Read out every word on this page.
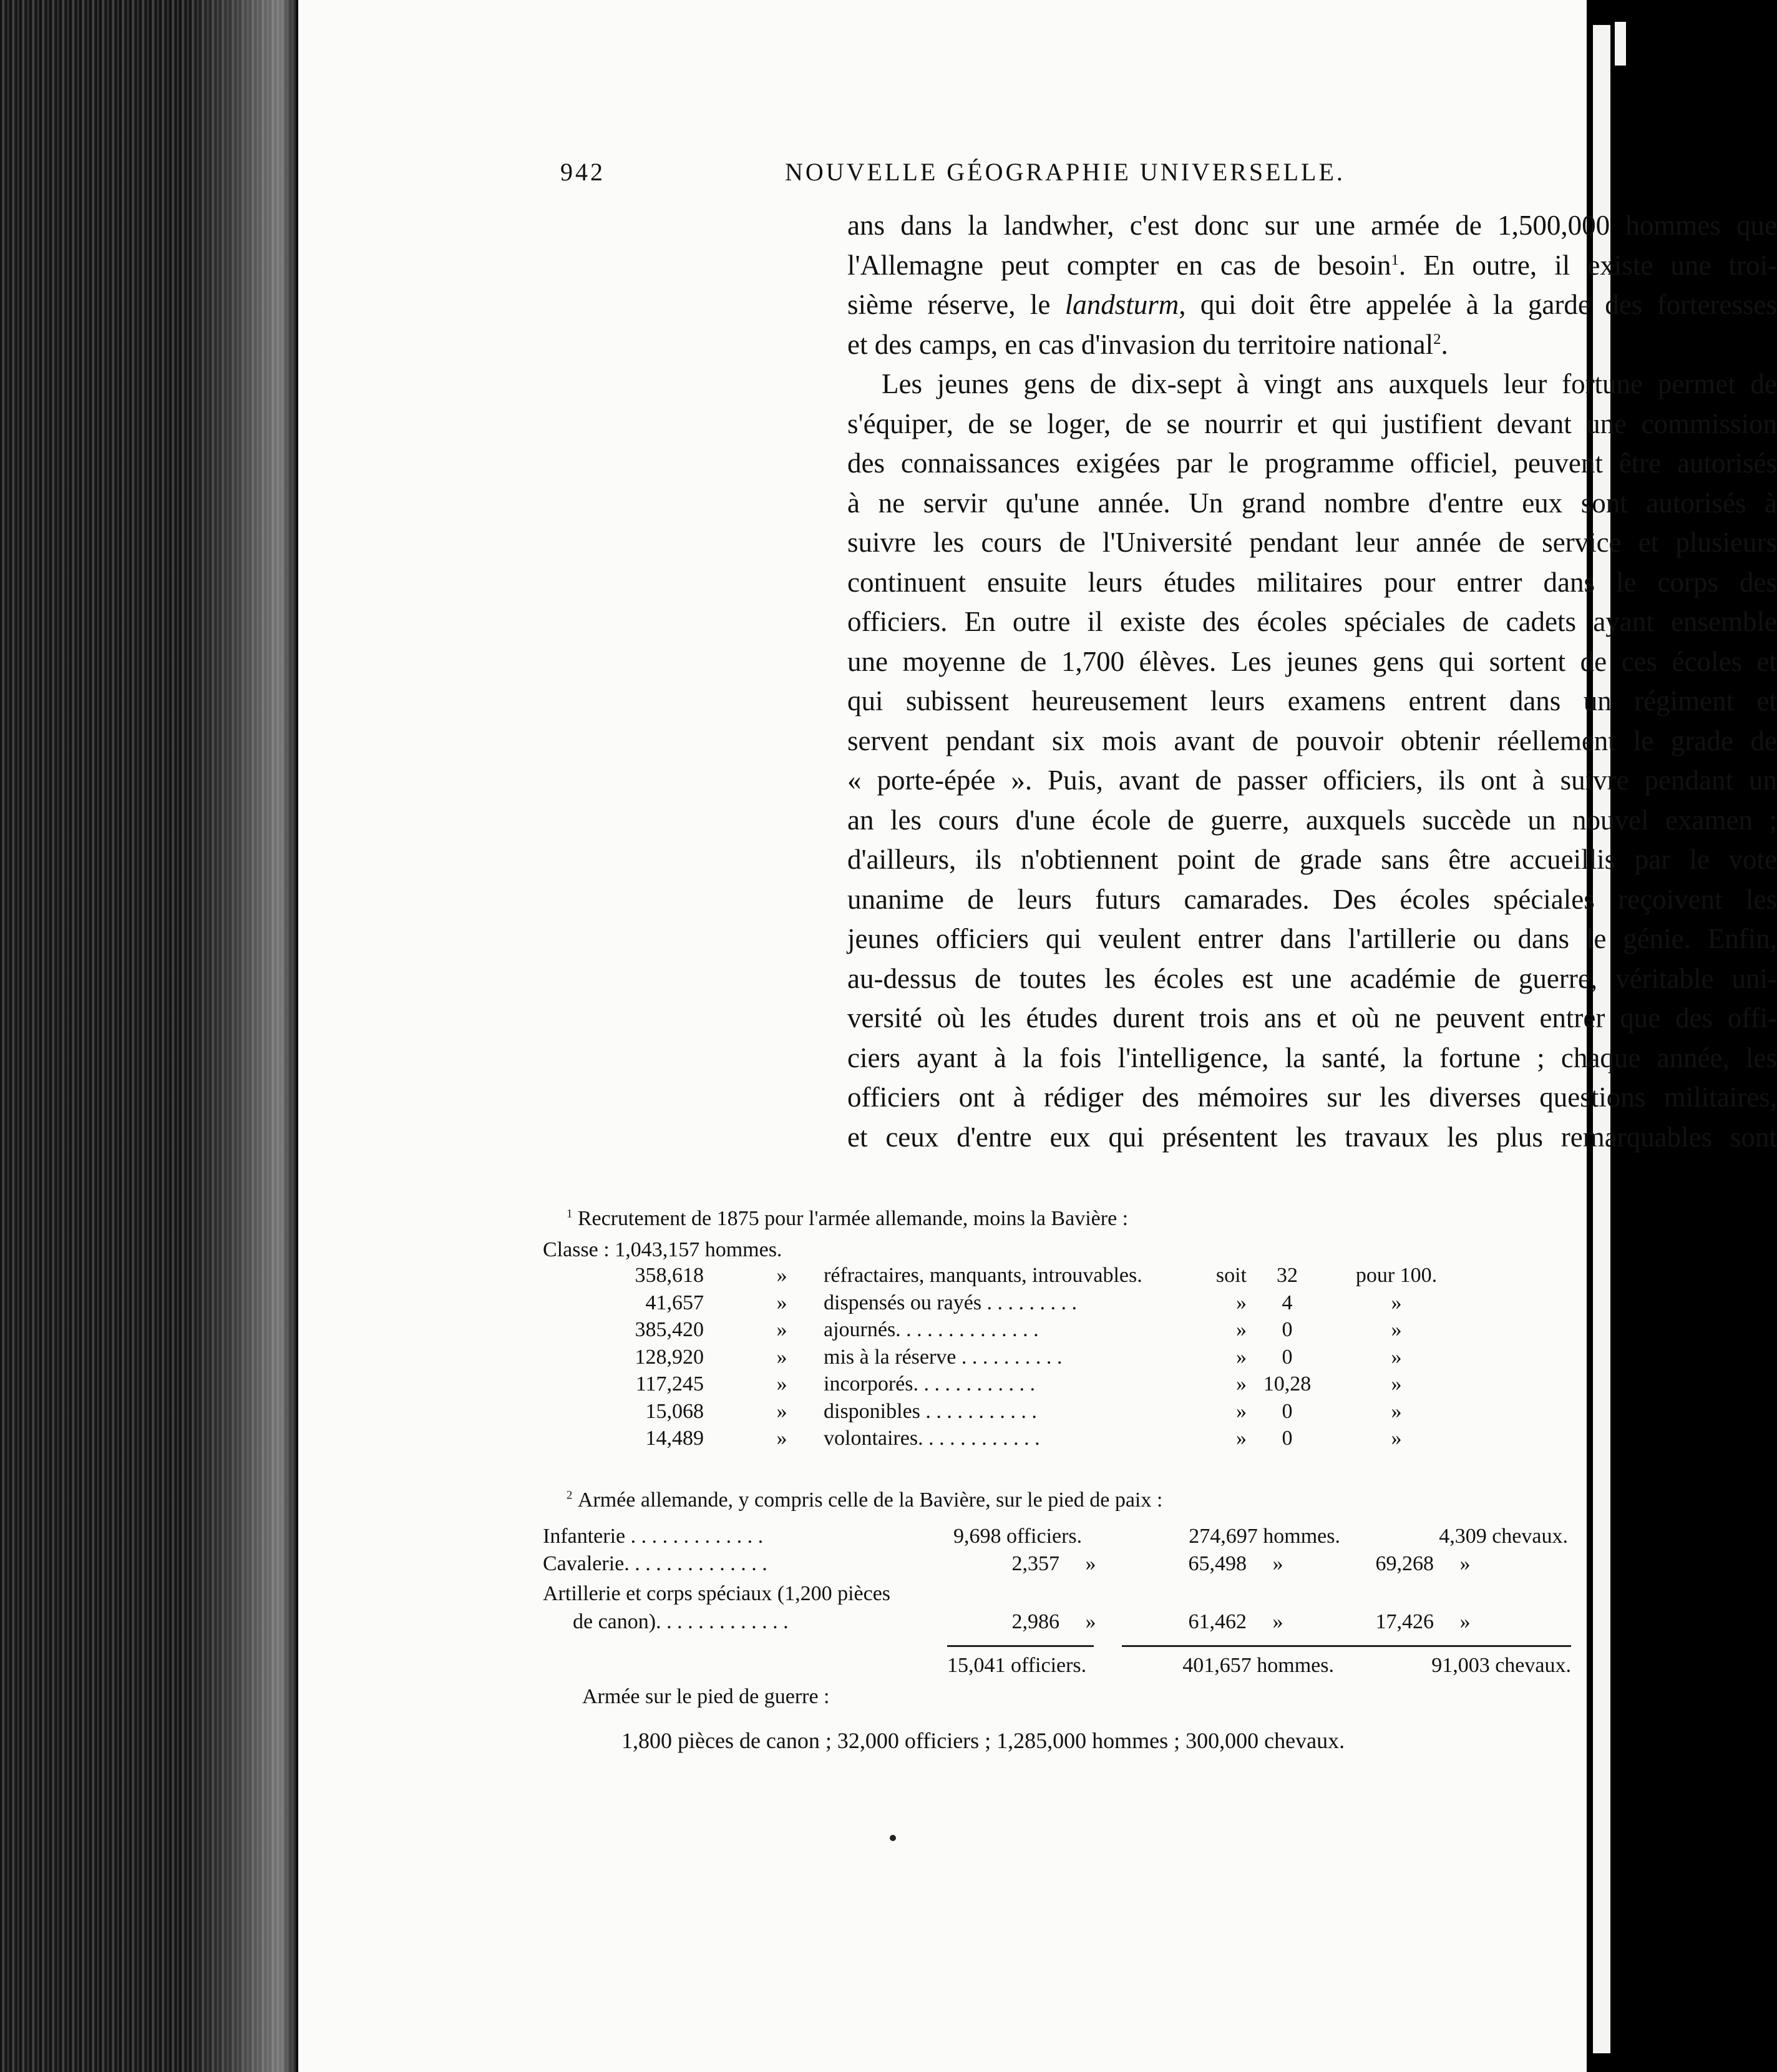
942	NOUVELLE GÉOGRAPHIE UNIVERSELLE.
ans dans la landwher, c'est donc sur une armée de 1,500,000 hommes que
l'Allemagne peut compter en cas de besoin$^1$. En outre, il existe une troi-
sième réserve, le landsturm, qui doit être appelée à la garde des forteresses
et des camps, en cas d'invasion du territoire national$^2$.
Les jeunes gens de dix-sept à vingt ans auxquels leur fortune permet de
s'équiper, de se loger, de se nourrir et qui justifient devant une commission
des connaissances exigées par le programme officiel, peuvent être autorisés
à ne servir qu'une année. Un grand nombre d'entre eux sont autorisés à
suivre les cours de l'Université pendant leur année de service et plusieurs
continuent ensuite leurs études militaires pour entrer dans le corps des
officiers. En outre il existe des écoles spéciales de cadets ayant ensemble
une moyenne de 1,700 élèves. Les jeunes gens qui sortent de ces écoles et
qui subissent heureusement leurs examens entrent dans un régiment et
servent pendant six mois avant de pouvoir obtenir réellement le grade de
« porte-épée ». Puis, avant de passer officiers, ils ont à suivre pendant un
an les cours d'une école de guerre, auxquels succède un nouvel examen ;
d'ailleurs, ils n'obtiennent point de grade sans être accueillis par le vote
unanime de leurs futurs camarades. Des écoles spéciales reçoivent les
jeunes officiers qui veulent entrer dans l'artillerie ou dans le génie. Enfin,
au-dessus de toutes les écoles est une académie de guerre, véritable uni-
versité où les études durent trois ans et où ne peuvent entrer que des offi-
ciers ayant à la fois l'intelligence, la santé, la fortune ; chaque année, les
officiers ont à rédiger des mémoires sur les diverses questions militaires,
et ceux d'entre eux qui présentent les travaux les plus remarquables sont
$^1$ Recrutement de 1875 pour l'armée allemande, moins la Bavière :
Classe : 1,043,157 hommes.
358,618	»	réfractaires, manquants, introuvables.	soit	32	pour 100.
41,657	»	dispensés ou rayés . . . . . . . . .	»	4	»
385,420	»	ajournés. . . . . . . . . . . . . .	»	0	»
128,920	»	mis à la réserve . . . . . . . . . .	»	0	»
117,245	»	incorporés. . . . . . . . . . . .	» 10,28	»
15,068	»	disponibles . . . . . . . . . . .	»	0	»
14,489	»	volontaires. . . . . . . . . . . .	»	0	»
$^2$ Armée allemande, y compris celle de la Bavière, sur le pied de paix :
Infanterie . . . . . . . . . . . . .	9,698 officiers.	274,697 hommes.	4,309 chevaux.
Cavalerie. . . . . . . . . . . . . .	2,357	»	65,498	»	69,268	»
Artillerie et corps spéciaux (1,200 pièces
de canon). . . . . . . . . . . . .	2,986	»	61,462	»	17,426	»
15,041 officiers.	401,657 hommes.	91,003 chevaux.
Armée sur le pied de guerre :
1,800 pièces de canon ; 32,000 officiers ; 1,285,000 hommes ; 300,000 chevaux.
